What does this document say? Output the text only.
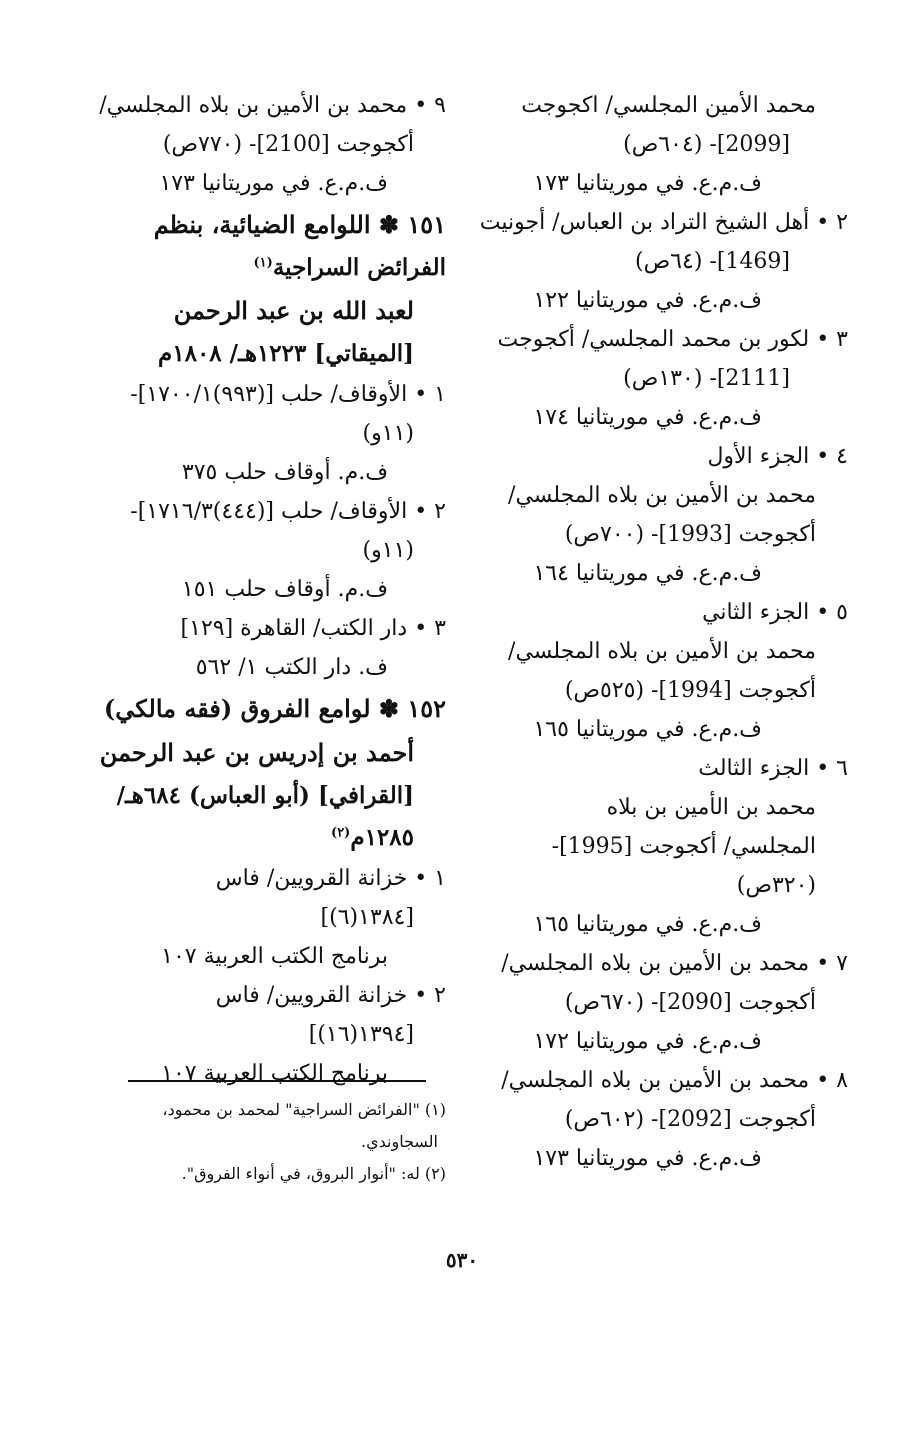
محمد الأمين المجلسي/ اكجوجت
[2099]- (٦٠٤ص)
ف.م.ع. في موريتانيا ١٧٣
٢ • أهل الشيخ التراد بن العباس/ أجونيت
[1469]- (٦٤ص)
ف.م.ع. في موريتانيا ١٢٢
٣ • لكور بن محمد المجلسي/ أكجوجت
[2111]- (١٣٠ص)
ف.م.ع. في موريتانيا ١٧٤
٤ • الجزء الأول
محمد بن الأمين بن بلاه المجلسي/
أكجوجت [1993]- (٧٠٠ص)
ف.م.ع. في موريتانيا ١٦٤
٥ • الجزء الثاني
محمد بن الأمين بن بلاه المجلسي/
أكجوجت [1994]- (٥٢٥ص)
ف.م.ع. في موريتانيا ١٦٥
٦ • الجزء الثالث
محمد بن الأمين بن بلاه
المجلسي/ أكجوجت [1995]-
(٣٢٠ص)
ف.م.ع. في موريتانيا ١٦٥
٧ • محمد بن الأمين بن بلاه المجلسي/
أكجوجت [2090]- (٦٧٠ص)
ف.م.ع. في موريتانيا ١٧٢
٨ • محمد بن الأمين بن بلاه المجلسي/
أكجوجت [2092]- (٦٠٢ص)
ف.م.ع. في موريتانيا ١٧٣
٩ • محمد بن الأمين بن بلاه المجلسي/
أكجوجت [2100]- (٧٧٠ص)
ف.م.ع. في موريتانيا ١٧٣
١٥١ ✽ اللوامع الضيائية، بنظم
الفرائض السراجية$^{(١)}$
لعبد الله بن عبد الرحمن
[الميقاتي] ١٢٢٣هـ/ ١٨٠٨م
١ • الأوقاف/ حلب [(٩٩٣)١٧٠٠/١]-
(١١و)
ف.م. أوقاف حلب ٣٧٥
٢ • الأوقاف/ حلب [(٤٤٤)١٧١٦/٣]-
(١١و)
ف.م. أوقاف حلب ١٥١
٣ • دار الكتب/ القاهرة [١٢٩]
ف. دار الكتب ١/ ٥٦٢
١٥٢ ✽ لوامع الفروق (فقه مالكي)
أحمد بن إدريس بن عبد الرحمن
[القرافي] (أبو العباس) ٦٨٤هـ/
١٢٨٥م$^{(٢)}$
١ • خزانة القرويين/ فاس
[١٣٨٤(٦)]
برنامج الكتب العربية ١٠٧
٢ • خزانة القرويين/ فاس
[١٣٩٤(١٦)]
برنامج الكتب العربية ١٠٧
(١) "الفرائض السراجية" لمحمد بن محمود،
السجاوندي.
(٢) له: "أنوار البروق، في أنواء الفروق".
٥٣٠
